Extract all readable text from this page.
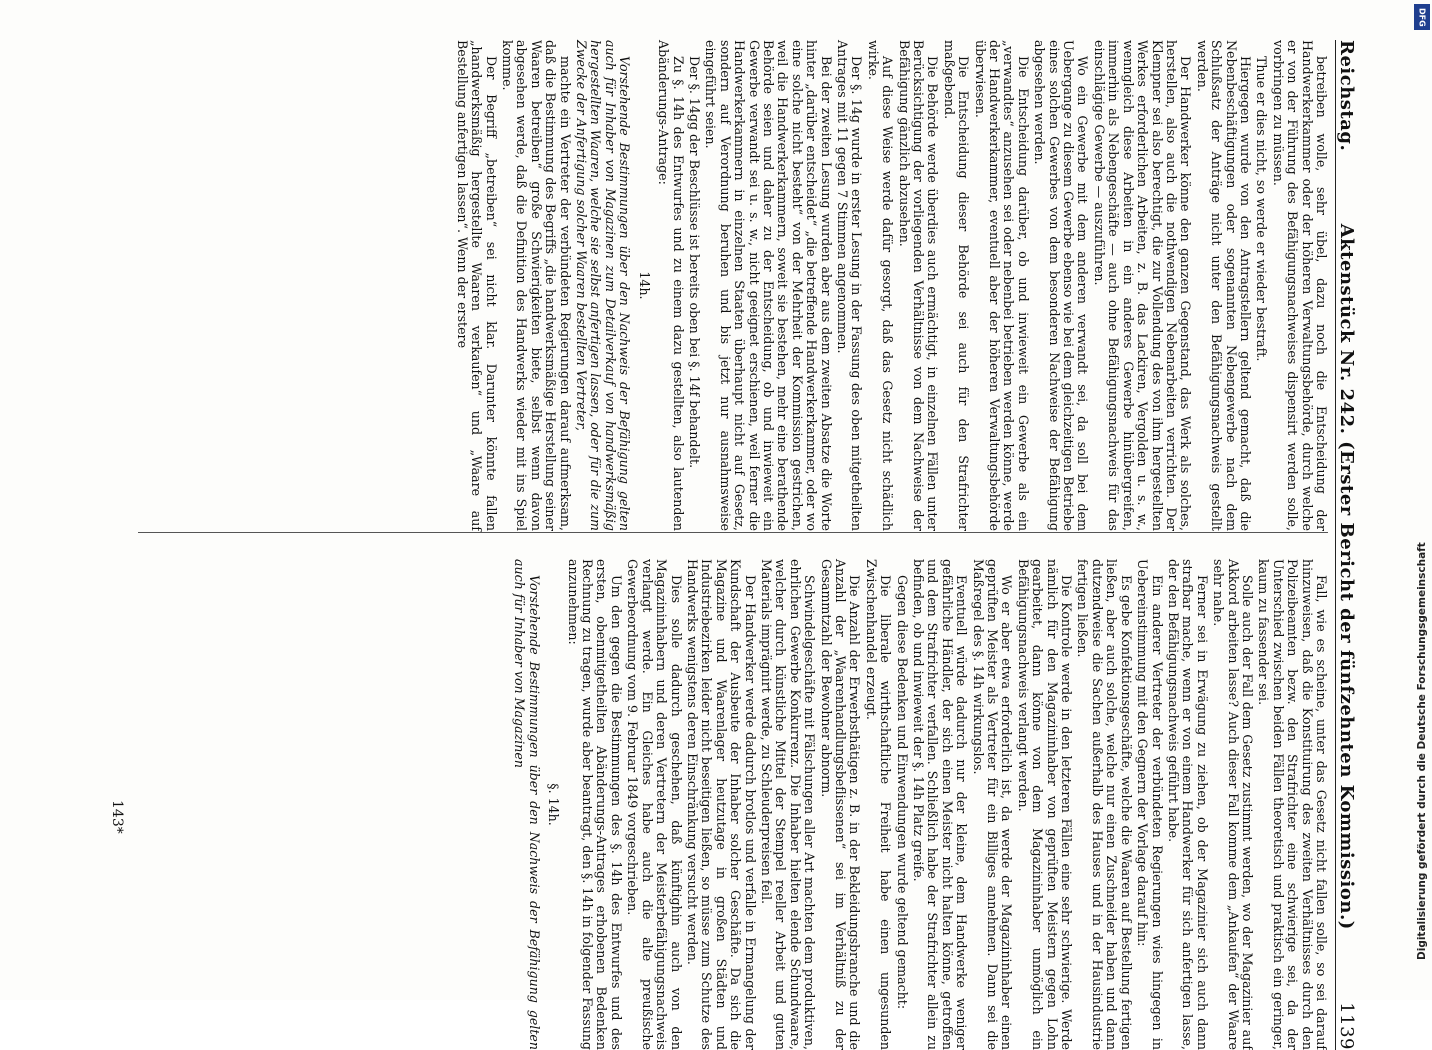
Reichstag.
Aktenstück Nr. 242. (Erster Bericht der fünfzehnten Kommission.)
1139

betreiben wolle, sehr übel, dazu noch die Entscheidung der Handwerkerkammer oder der höheren Verwaltungsbehörde, durch welche er von der Führung des Befähigungsnachweises dispensirt werden solle, vorbringen zu müssen.

Thue er dies nicht, so werde er wieder bestraft.

Hiergegen wurde von den Antragstellern geltend gemacht, daß die Nebenbeschäftigungen oder sogenannten Nebengewerbe nach dem Schlußsatz der Anträge nicht unter den Befähigungsnachweis gestellt werden.

Der Handwerker könne den ganzen Gegenstand, das Werk als solches, herstellen, also auch die nothwendigen Nebenarbeiten verrichten. Der Klempner sei also berechtigt, die zur Vollendung des von ihm hergestellten Werkes erforderlichen Arbeiten, z. B. das Lackiren, Vergolden u. s. w., wenngleich diese Arbeiten in ein anderes Gewerbe hinübergreifen, immerhin als Nebengeschäfte — auch ohne Befähigungsnachweis für das einschlägige Gewerbe — auszuführen.

Wo ein Gewerbe mit dem anderen verwandt sei, da soll bei dem Uebergange zu diesem Gewerbe ebenso wie bei dem gleichzeitigen Betriebe eines solchen Gewerbes von dem besonderen Nachweise der Befähigung abgesehen werden.

Die Entscheidung darüber, ob und inwieweit ein Gewerbe als ein „verwandtes“ anzusehen sei oder nebenbei betrieben werden könne, werde der Handwerkerkammer, eventuell aber der höheren Verwaltungsbehörde überwiesen.

Die Entscheidung dieser Behörde sei auch für den Strafrichter maßgebend.

Die Behörde werde überdies auch ermächtigt, in einzelnen Fällen unter Berücksichtigung der vorliegenden Verhältnisse von dem Nachweise der Befähigung gänzlich abzusehen.

Auf diese Weise werde dafür gesorgt, daß das Gesetz nicht schädlich wirke.

Der §. 14g wurde in erster Lesung in der Fassung des oben mitgetheilten Antrages mit 11 gegen 7 Stimmen angenommen.

Bei der zweiten Lesung wurden aber aus dem zweiten Absatze die Worte hinter „darüber entscheidet“ „die betreffende Handwerkerkammer, oder wo eine solche nicht besteht“ von der Mehrheit der Kommission gestrichen, weil die Handwerkerkammern, soweit sie bestehen, mehr eine berathende Behörde seien und daher zu der Entscheidung, ob und inwieweit ein Gewerbe verwandt sei u. s. w., nicht geeignet erschienen, weil ferner die Handwerkerkammern in einzelnen Staaten überhaupt nicht auf Gesetz, sondern auf Verordnung beruhen und bis jetzt nur ausnahmsweise eingeführt seien.

Der §. 14gg der Beschlüsse ist bereits oben bei §. 14f behandelt.

Zu §. 14h des Entwurfes und zu einem dazu gestellten, also lautenden Abänderungs-Antrage:

14h.

Vorstehende Bestimmungen über den Nachweis der Befähigung gelten auch für Inhaber von Magazinen zum Detailverkauf von handwerksmäßig hergestellten Waaren, welche sie selbst anfertigen lassen, oder für die zum Zwecke der Anfertigung solcher Waaren bestellten Vertreter,

machte ein Vertreter der verbündeten Regierungen darauf aufmerksam, daß die Bestimmung des Begriffs „die handwerksmäßige Herstellung seiner Waaren betreiben“ große Schwierigkeiten biete, selbst wenn davon abgesehen werde, daß die Definition des Handwerks wieder mit ins Spiel komme.

Der Begriff „betreiben“ sei nicht klar. Darunter könnte fallen „handwerksmäßig hergestellte Waaren verkaufen“ und „Waare auf Bestellung anfertigen lassen“. Wenn der erstere

Fall, wie es scheine, unter das Gesetz nicht fallen solle, so sei darauf hinzuweisen, daß die Konstituirung des zweiten Verhältnisses durch den Polizeibeamten bezw. den Strafrichter eine schwierige sei, da der Unterschied zwischen beiden Fällen theoretisch und praktisch ein geringer, kaum zu fassender sei.

Solle auch der Fall dem Gesetz zustimmt werden, wo der Magazinier auf Akkord arbeiten lasse? Auch dieser Fall komme dem „Ankaufen“ der Waare sehr nahe.

Ferner sei in Erwägung zu ziehen, ob der Magazinier sich auch dann strafbar mache, wenn er von einem Handwerker für sich anfertigen lasse, der den Befähigungsnachweis geführt habe.

Ein anderer Vertreter der verbündeten Regierungen wies hingegen in Uebereinstimmung mit den Gegnern der Vorlage darauf hin:

Es gebe Konfektionsgeschäfte, welche die Waaren auf Bestellung fertigen ließen, aber auch solche, welche nur einen Zuschneider haben und dann dutzendweise die Sachen außerhalb des Hauses und in der Hausindustrie fertigen ließen.

Die Kontrole werde in den letzteren Fällen eine sehr schwierige. Werde nämlich für den Magazininhaber von geprüften Meistern gegen Lohn gearbeitet, dann könne von dem Magazininhaber unmöglich ein Befähigungsnachweis verlangt werden.

Wo er aber etwa erforderlich ist, da werde der Magazininhaber einen geprüften Meister als Vertreter für ein Billiges annehmen. Dann sei die Maßregel des §. 14h wirkungslos.

Eventuell würde dadurch nur der kleine, dem Handwerke weniger gefährliche Händler, der sich einen Meister nicht halten könne, getroffen und dem Strafrichter verfallen. Schließlich habe der Strafrichter allein zu befinden, ob und inwieweit der §. 14h Platz greife.

Gegen diese Bedenken und Einwendungen wurde geltend gemacht:

Die liberale wirthschaftliche Freiheit habe einen ungesunden Zwischenhandel erzeugt.

Die Anzahl der Erwerbsthätigen z. B. in der Bekleidungsbranche und die Anzahl der „Waarenhandlungsbeflissenen“ sei im Verhältniß zu der Gesammtzahl der Bewohner abnorm.

Schwindelgeschäfte mit Fälschungen aller Art machten dem produktiven, ehrlichen Gewerbe Konkurrenz. Die Inhaber hielten elende Schundwaare, welcher durch künstliche Mittel der Stempel reeller Arbeit und guten Materials imprägnirt werde, zu Schleuderpreisen feil.

Der Handwerker werde dadurch brotlos und verfalle in Ermangelung der Kundschaft der Ausbeute der Inhaber solcher Geschäfte. Da sich die Magazine und Waarenlager heutzutage in großen Städten und Industriebezirken leider nicht beseitigen ließen, so müsse zum Schutze des Handwerks wenigstens deren Einschränkung versucht werden.

Dies solle dadurch geschehen, daß künftighin auch von den Magazininhabern und deren Vertretern der Meisterbefähigungsnachweis verlangt werde. Ein Gleiches habe auch die alte preußische Gewerbeordnung vom 9. Februar 1849 vorgeschrieben.

Um den gegen die Bestimmungen des §. 14h des Entwurfes und des ersten, obenmitgetheilten Abänderungs-Antrages erhobenen Bedenken Rechnung zu tragen, wurde aber beantragt, den §. 14h in folgender Fassung anzunehmen:

§. 14h.

Vorstehende Bestimmungen über den Nachweis der Befähigung gelten auch für Inhaber von Magazinen

143*
DFG
Digitalisierung gefördert durch die Deutsche Forschungsgemeinschaft
